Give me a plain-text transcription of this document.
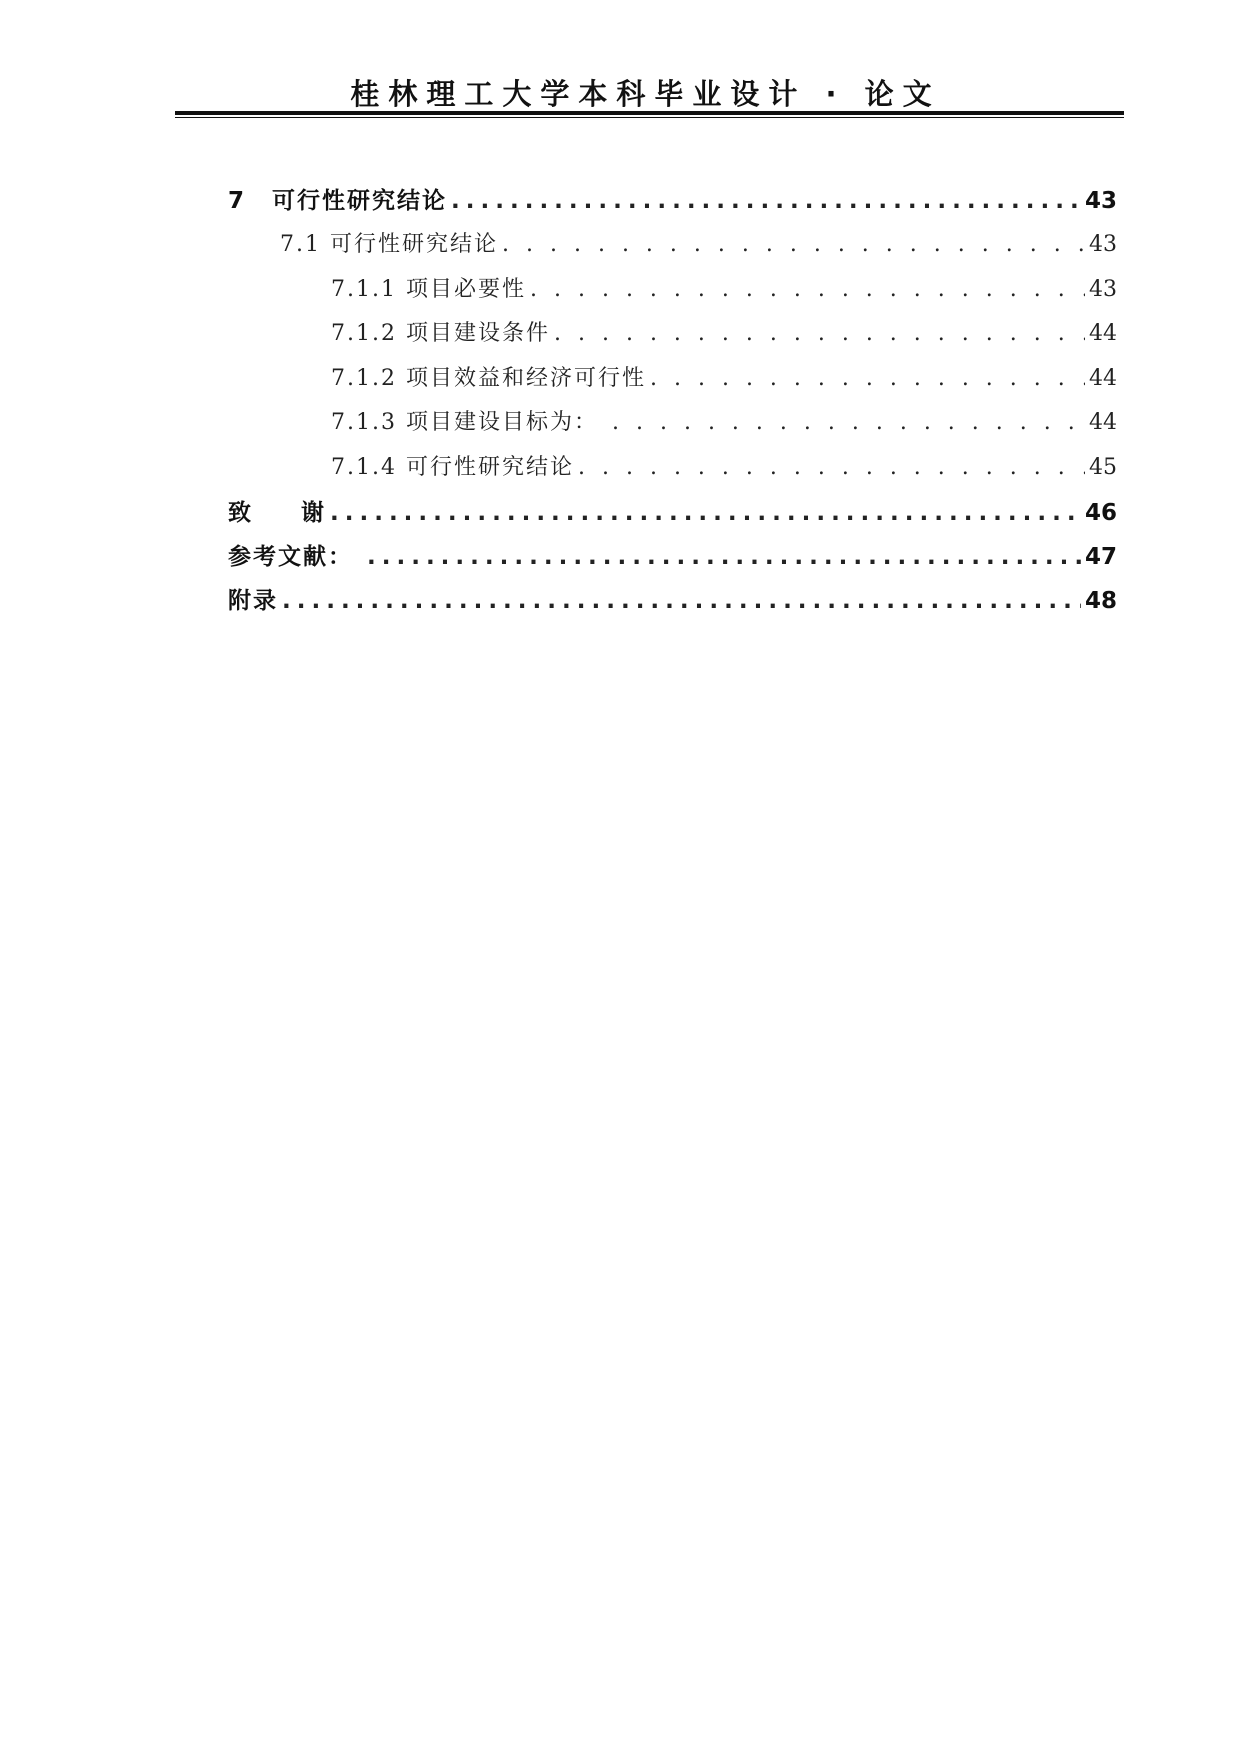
桂林理工大学本科毕业设计 · 论文
7 可行性研究结论 .....	43
7.1 可行性研究结论 . . .	43
7.1.1 项目必要性 . . .	43
7.1.2 项目建设条件 . . .	44
7.1.2 项目效益和经济可行性 . . .	44
7.1.3 项目建设目标为： . . .	44
7.1.4 可行性研究结论 . . .	45
致 谢 .....	46
参考文献： .....	47
附录 .....	48
